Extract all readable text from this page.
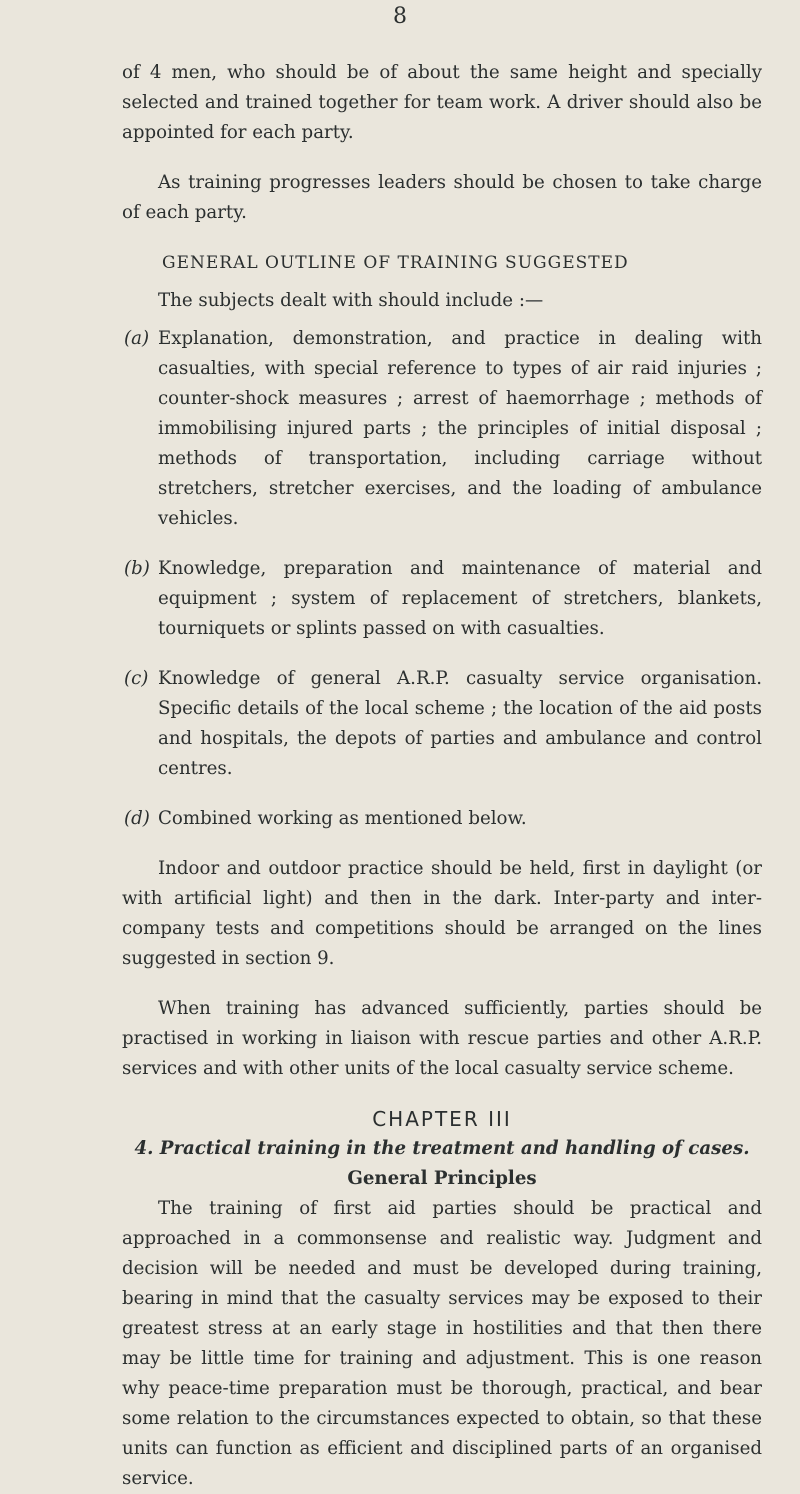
8

of 4 men, who should be of about the same height and specially selected and trained together for team work. A driver should also be appointed for each party.

As training progresses leaders should be chosen to take charge of each party.

GENERAL OUTLINE OF TRAINING SUGGESTED

The subjects dealt with should include :—

(a) Explanation, demonstration, and practice in dealing with casualties, with special reference to types of air raid injuries ; counter-shock measures ; arrest of haemorrhage ; methods of immobilising injured parts ; the principles of initial disposal ; methods of transportation, including carriage without stretchers, stretcher exercises, and the loading of ambulance vehicles.
(b) Knowledge, preparation and maintenance of material and equipment ; system of replacement of stretchers, blankets, tourniquets or splints passed on with casualties.
(c) Knowledge of general A.R.P. casualty service organisation. Specific details of the local scheme ; the location of the aid posts and hospitals, the depots of parties and ambulance and control centres.
(d) Combined working as mentioned below.

Indoor and outdoor practice should be held, first in daylight (or with artificial light) and then in the dark. Inter-party and inter-company tests and competitions should be arranged on the lines suggested in section 9.

When training has advanced sufficiently, parties should be practised in working in liaison with rescue parties and other A.R.P. services and with other units of the local casualty service scheme.

CHAPTER III

4. Practical training in the treatment and handling of cases.

General Principles

The training of first aid parties should be practical and approached in a commonsense and realistic way. Judgment and decision will be needed and must be developed during training, bearing in mind that the casualty services may be exposed to their greatest stress at an early stage in hostilities and that then there may be little time for training and adjustment. This is one reason why peace-time preparation must be thorough, practical, and bear some relation to the circumstances expected to obtain, so that these units can function as efficient and disciplined parts of an organised service.
